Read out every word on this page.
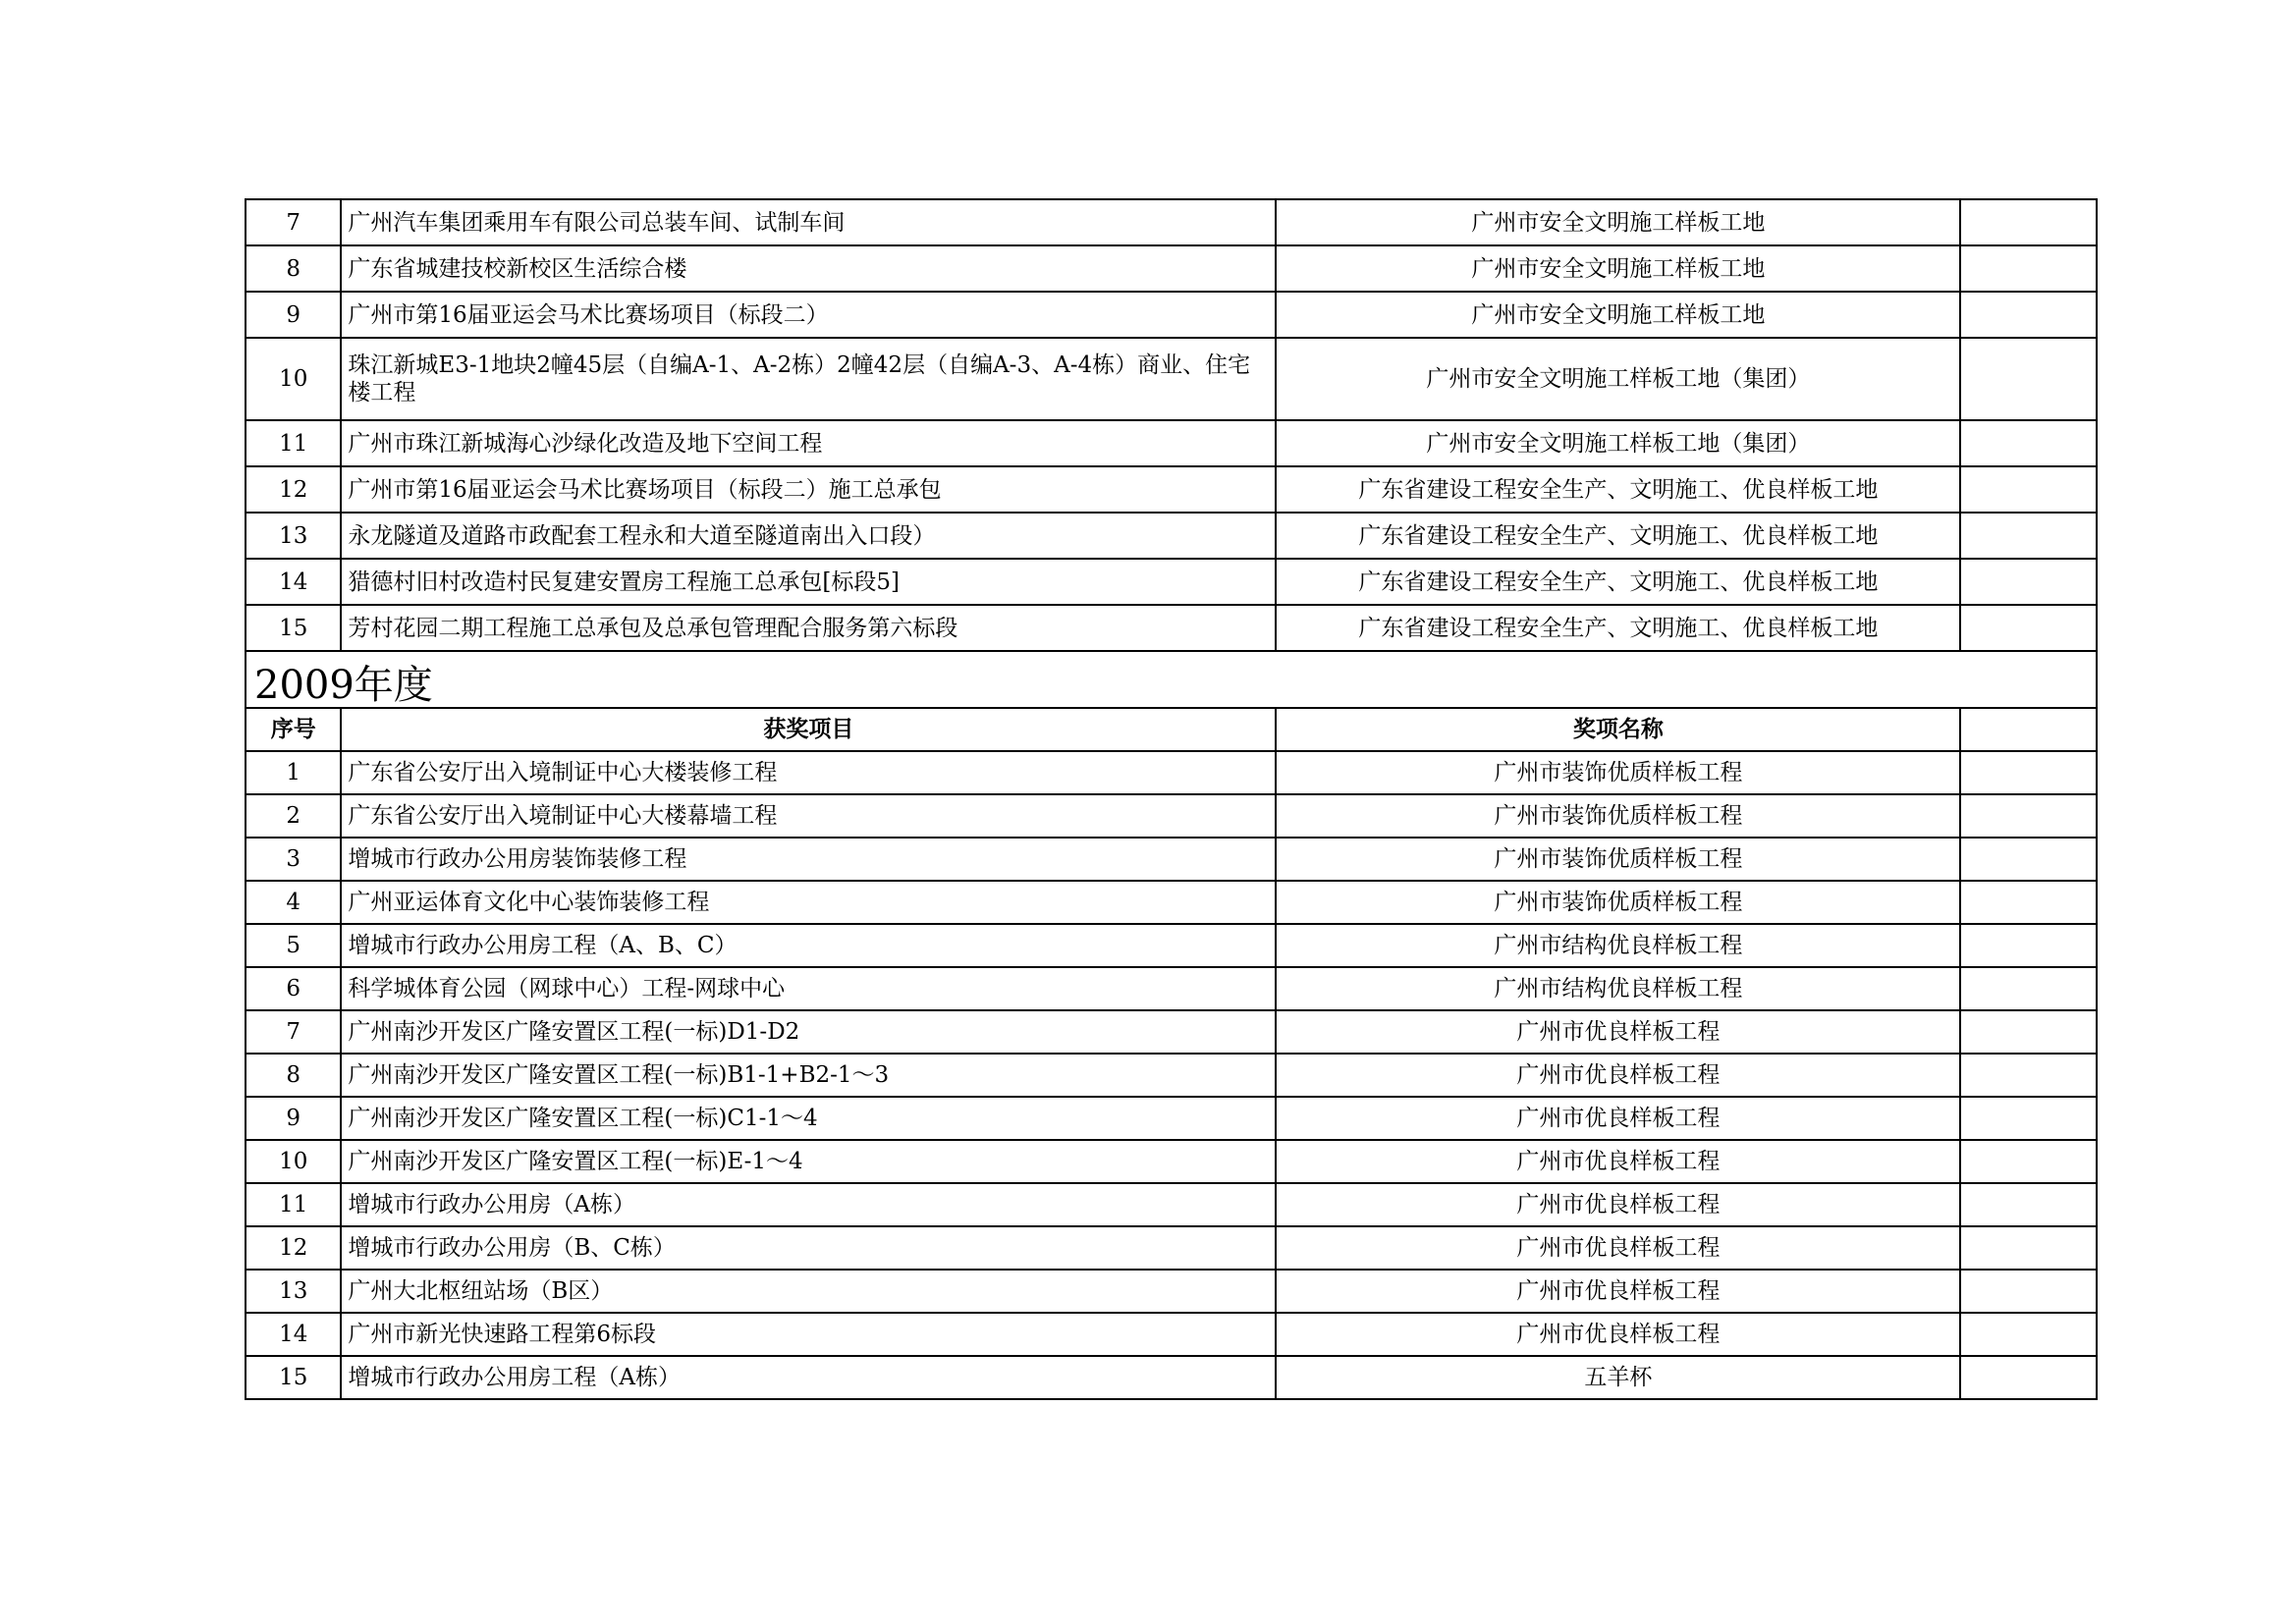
7	广州汽车集团乘用车有限公司总装车间、试制车间	广州市安全文明施工样板工地	
8	广东省城建技校新校区生活综合楼	广州市安全文明施工样板工地	
9	广州市第16届亚运会马术比赛场项目（标段二）	广州市安全文明施工样板工地	
10	珠江新城E3-1地块2幢45层（自编A-1、A-2栋）2幢42层（自编A-3、A-4栋）商业、住宅楼工程	广州市安全文明施工样板工地（集团）	
11	广州市珠江新城海心沙绿化改造及地下空间工程	广州市安全文明施工样板工地（集团）	
12	广州市第16届亚运会马术比赛场项目（标段二）施工总承包	广东省建设工程安全生产、文明施工、优良样板工地	
13	永龙隧道及道路市政配套工程永和大道至隧道南出入口段）	广东省建设工程安全生产、文明施工、优良样板工地	
14	猎德村旧村改造村民复建安置房工程施工总承包[标段5]	广东省建设工程安全生产、文明施工、优良样板工地	
15	芳村花园二期工程施工总承包及总承包管理配合服务第六标段	广东省建设工程安全生产、文明施工、优良样板工地	
2009年度			
序号	获奖项目	奖项名称	
1	广东省公安厅出入境制证中心大楼装修工程	广州市装饰优质样板工程	
2	广东省公安厅出入境制证中心大楼幕墙工程	广州市装饰优质样板工程	
3	增城市行政办公用房装饰装修工程	广州市装饰优质样板工程	
4	广州亚运体育文化中心装饰装修工程	广州市装饰优质样板工程	
5	增城市行政办公用房工程（A、B、C）	广州市结构优良样板工程	
6	科学城体育公园（网球中心）工程-网球中心	广州市结构优良样板工程	
7	广州南沙开发区广隆安置区工程(一标)D1-D2	广州市优良样板工程	
8	广州南沙开发区广隆安置区工程(一标)B1-1+B2-1～3	广州市优良样板工程	
9	广州南沙开发区广隆安置区工程(一标)C1-1～4	广州市优良样板工程	
10	广州南沙开发区广隆安置区工程(一标)E-1～4	广州市优良样板工程	
11	增城市行政办公用房（A栋）	广州市优良样板工程	
12	增城市行政办公用房（B、C栋）	广州市优良样板工程	
13	广州大北枢纽站场（B区）	广州市优良样板工程	
14	广州市新光快速路工程第6标段	广州市优良样板工程	
15	增城市行政办公用房工程（A栋）	五羊杯	
